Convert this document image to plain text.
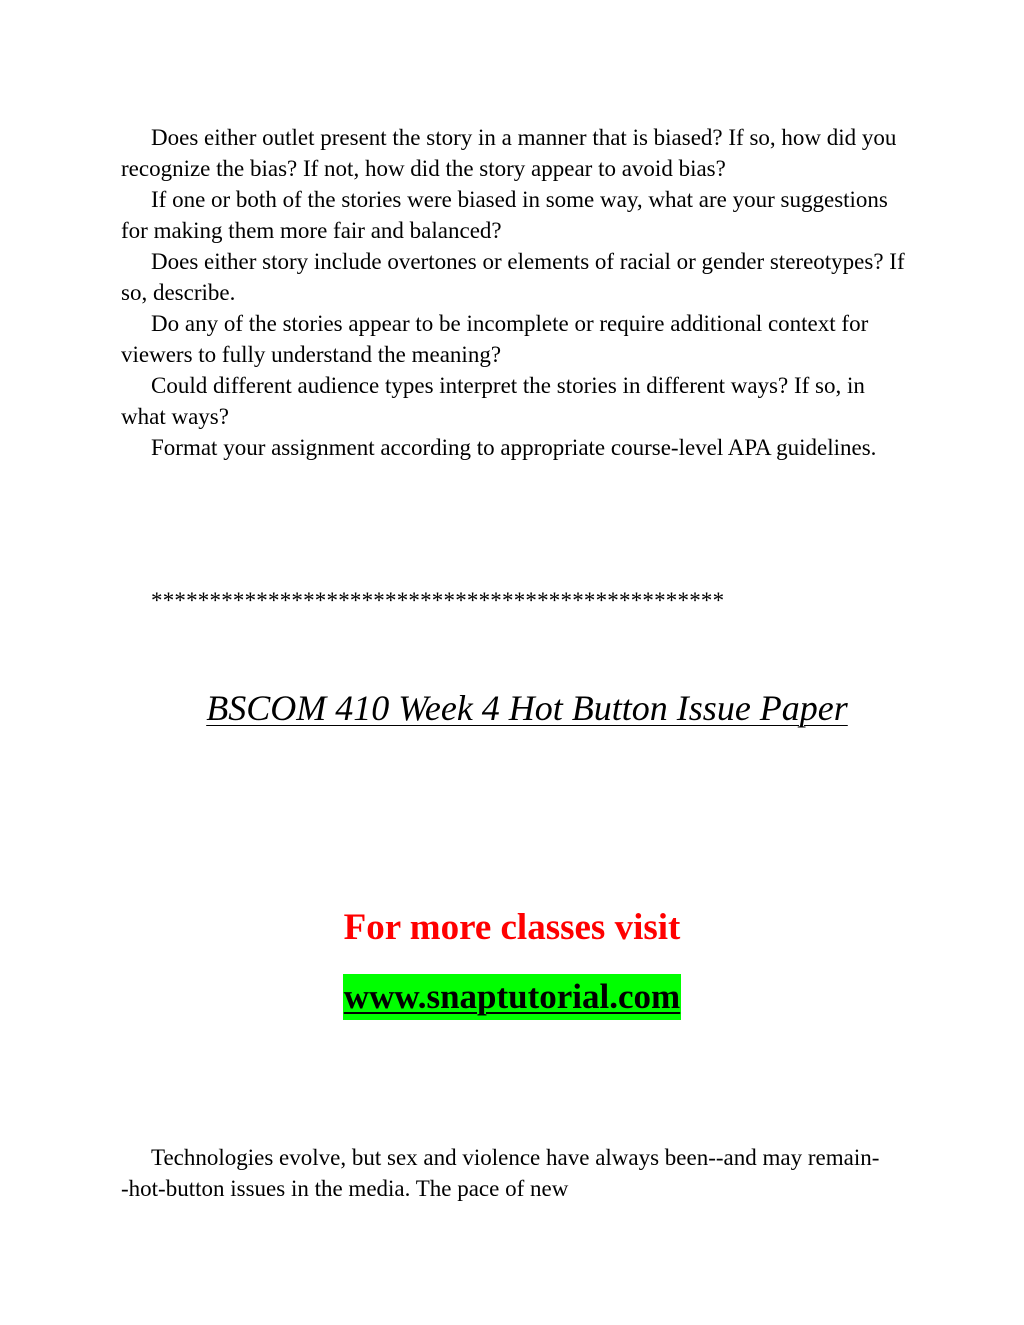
Does either outlet present the story in a manner that is biased? If so, how did you recognize the bias? If not, how did the story appear to avoid bias?

If one or both of the stories were biased in some way, what are your suggestions for making them more fair and balanced?

Does either story include overtones or elements of racial or gender stereotypes? If so, describe.

Do any of the stories appear to be incomplete or require additional context for viewers to fully understand the meaning?

Could different audience types interpret the stories in different ways? If so, in what ways?

Format your assignment according to appropriate course-level APA guidelines.

*************************************************
BSCOM 410 Week 4 Hot Button Issue Paper
For more classes visit
www.snaptutorial.com

Technologies evolve, but sex and violence have always been--and may remain--hot-button issues in the media. The pace of new
